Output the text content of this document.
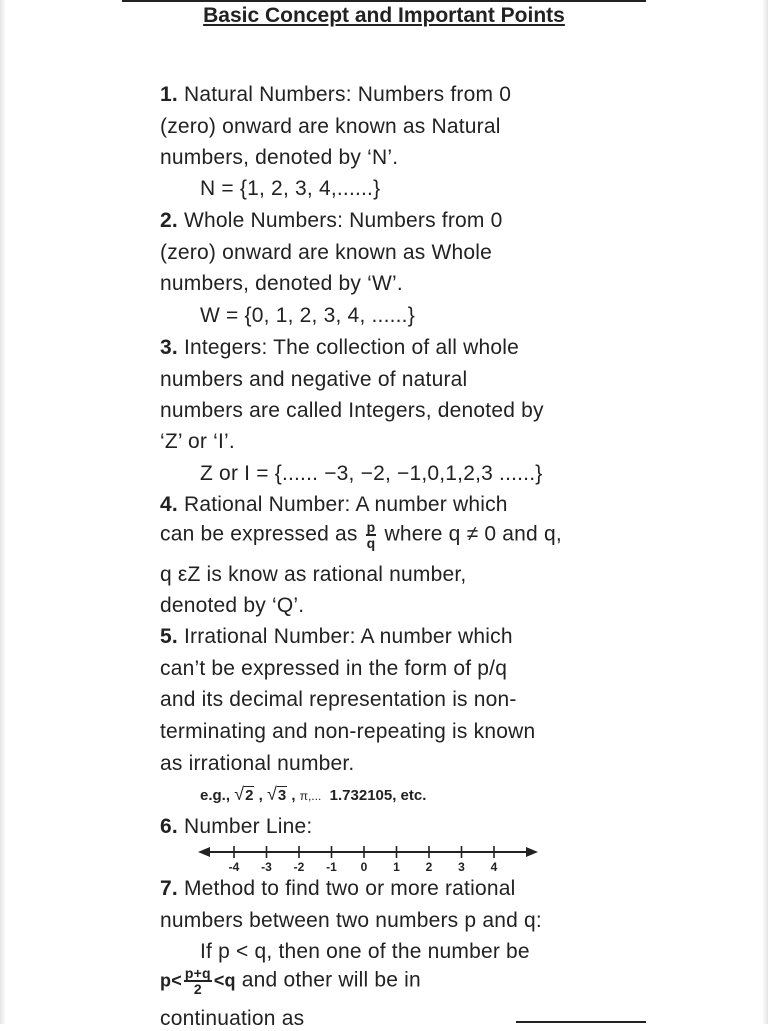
Basic Concept and Important Points
1. Natural Numbers: Numbers from 0
(zero) onward are known as Natural
numbers, denoted by ‘N’.
N = {1, 2, 3, 4,......}
2. Whole Numbers: Numbers from 0
(zero) onward are known as Whole
numbers, denoted by ‘W’.
W = {0, 1, 2, 3, 4, ......}
3. Integers: The collection of all whole
numbers and negative of natural
numbers are called Integers, denoted by
‘Z’ or ‘I’.
Z or I = {...... −3, −2, −1,0,1,2,3 ......}
4. Rational Number: A number which
can be expressed as $\frac{p}{q}$ where q ≠ 0 and q,
q εZ is know as rational number,
denoted by ‘Q’.
5. Irrational Number: A number which
can’t be expressed in the form of p/q
and its decimal representation is non-
terminating and non-repeating is known
as irrational number.
e.g., √2 , √3 , π,... 1.732105, etc.
6. Number Line:
-4 -3 -2 -1 0 1 2 3 4
7. Method to find two or more rational
numbers between two numbers p and q:
If p < q, then one of the number be
$p< \frac{p+q}{2} <q$ and other will be in
continuation as
